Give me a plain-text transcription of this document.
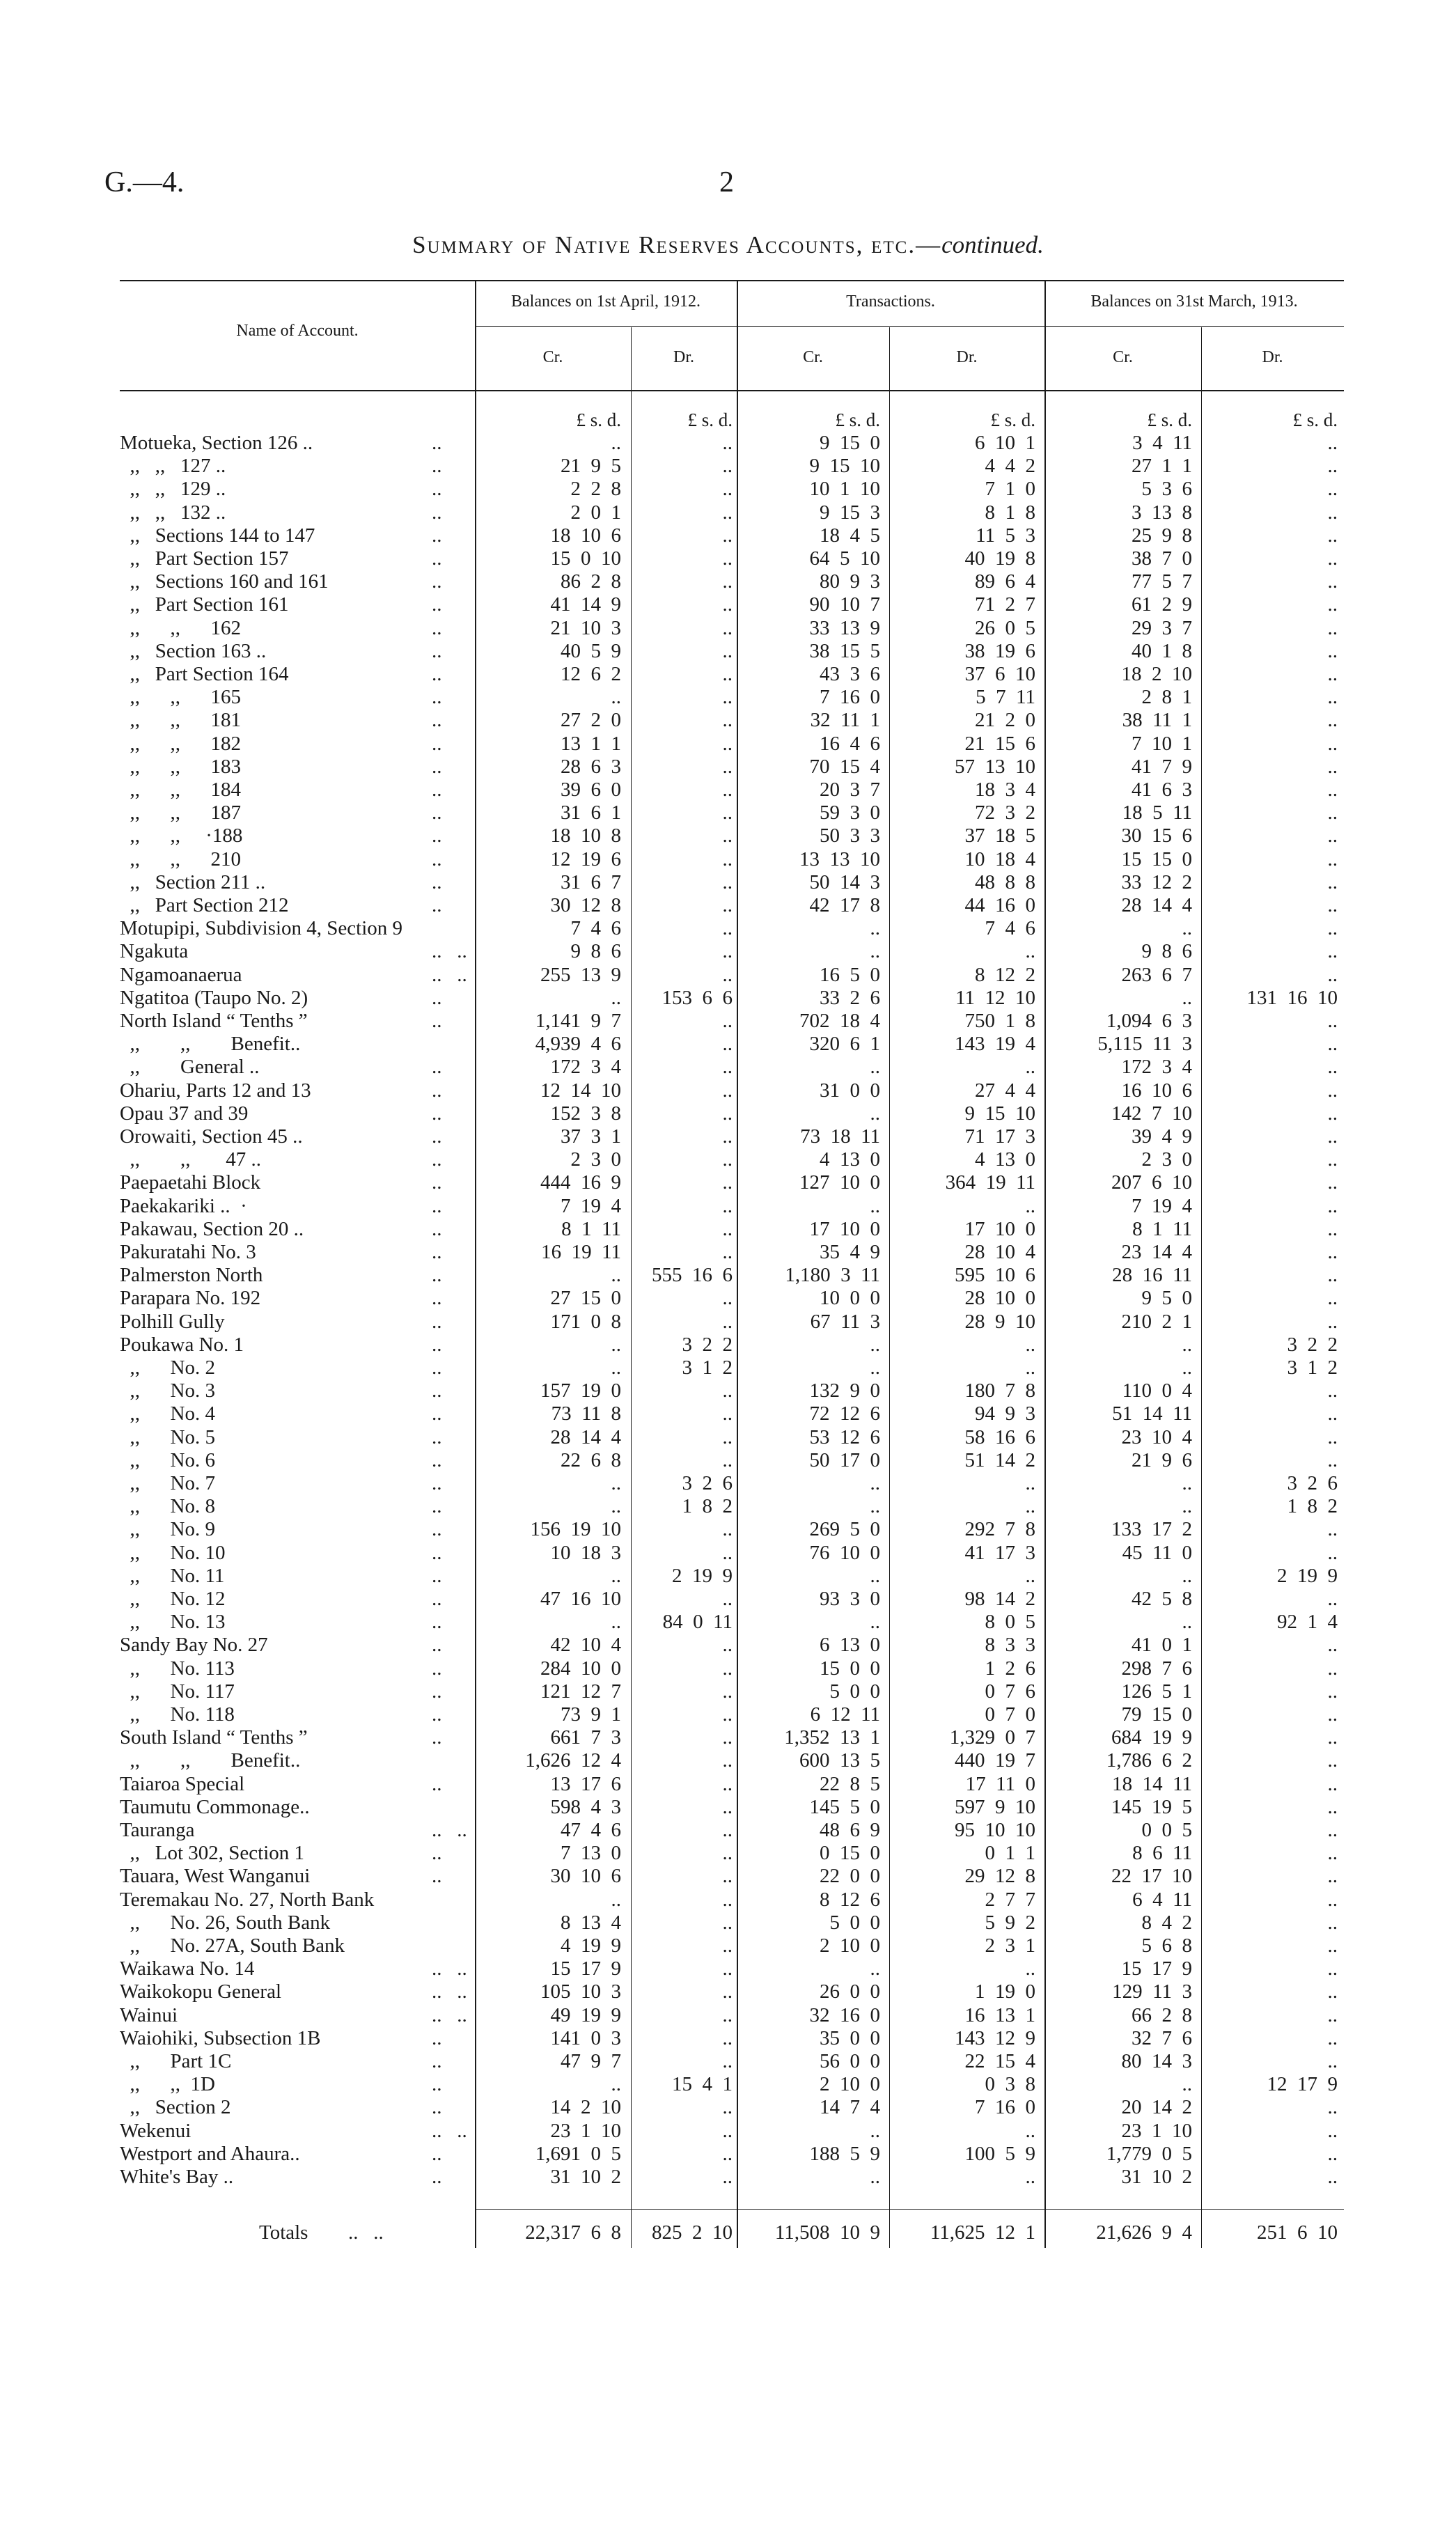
G.—4.	2
Summary of Native Reserves Accounts, etc.—continued.
Name of Account.
Balances on 1st April, 1912.	Transactions.	Balances on 31st March, 1913.
Cr.	Dr.	Cr.	Dr.	Cr.	Dr.
£ s. d.	£ s. d.	£ s. d.	£ s. d.	£ s. d.	£ s. d.
Motueka, Section 126 ..	..	..	..	9  15  0	6  10  1	3  4  11	..
,,   ,,   127 ..	..	21  9  5	..	9  15  10	4  4  2	27  1  1	..
,,   ,,   129 ..	..	2  2  8	..	10  1  10	7  1  0	5  3  6	..
,,   ,,   132 ..	..	2  0  1	..	9  15  3	8  1  8	3  13  8	..
,,   Sections 144 to 147	..	18  10  6	..	18  4  5	11  5  3	25  9  8	..
,,   Part Section 157	..	15  0  10	..	64  5  10	40  19  8	38  7  0	..
,,   Sections 160 and 161	..	86  2  8	..	80  9  3	89  6  4	77  5  7	..
,,   Part Section 161	..	41  14  9	..	90  10  7	71  2  7	61  2  9	..
,,      ,,      162	..	21  10  3	..	33  13  9	26  0  5	29  3  7	..
,,   Section 163 ..	..	40  5  9	..	38  15  5	38  19  6	40  1  8	..
,,   Part Section 164	..	12  6  2	..	43  3  6	37  6  10	18  2  10	..
,,      ,,      165	..	..	..	7  16  0	5  7  11	2  8  1	..
,,      ,,      181	..	27  2  0	..	32  11  1	21  2  0	38  11  1	..
,,      ,,      182	..	13  1  1	..	16  4  6	21  15  6	7  10  1	..
,,      ,,      183	..	28  6  3	..	70  15  4	57  13  10	41  7  9	..
,,      ,,      184	..	39  6  0	..	20  3  7	18  3  4	41  6  3	..
,,      ,,      187	..	31  6  1	..	59  3  0	72  3  2	18  5  11	..
,,      ,,     ·188	..	18  10  8	..	50  3  3	37  18  5	30  15  6	..
,,      ,,      210	..	12  19  6	..	13  13  10	10  18  4	15  15  0	..
,,   Section 211 ..	..	31  6  7	..	50  14  3	48  8  8	33  12  2	..
,,   Part Section 212	..	30  12  8	..	42  17  8	44  16  0	28  14  4	..
Motupipi, Subdivision 4, Section 9	7  4  6	..	..	7  4  6	..	..
Ngakuta	..   ..	9  8  6	..	..	..	9  8  6	..
Ngamoanaerua	..   ..	255  13  9	..	16  5  0	8  12  2	263  6  7	..
Ngatitoa (Taupo No. 2)	..	..	153  6  6	33  2  6	11  12  10	..	131  16  10
North Island “ Tenths ”	..	1,141  9  7	..	702  18  4	750  1  8	1,094  6  3	..
,,        ,,        Benefit..	4,939  4  6	..	320  6  1	143  19  4	5,115  11  3	..
,,        General ..	..	172  3  4	..	..	..	172  3  4	..
Ohariu, Parts 12 and 13	..	12  14  10	..	31  0  0	27  4  4	16  10  6	..
Opau 37 and 39	..	152  3  8	..	..	9  15  10	142  7  10	..
Orowaiti, Section 45 ..	..	37  3  1	..	73  18  11	71  17  3	39  4  9	..
,,        ,,       47 ..	..	2  3  0	..	4  13  0	4  13  0	2  3  0	..
Paepaetahi Block	..	444  16  9	..	127  10  0	364  19  11	207  6  10	..
Paekakariki ..  ·	..	7  19  4	..	..	..	7  19  4	..
Pakawau, Section 20 ..	..	8  1  11	..	17  10  0	17  10  0	8  1  11	..
Pakuratahi No. 3	..	16  19  11	..	35  4  9	28  10  4	23  14  4	..
Palmerston North	..	..	555  16  6	1,180  3  11	595  10  6	28  16  11	..
Parapara No. 192	..	27  15  0	..	10  0  0	28  10  0	9  5  0	..
Polhill Gully	..	171  0  8	..	67  11  3	28  9  10	210  2  1	..
Poukawa No. 1	..	..	3  2  2	..	..	..	3  2  2
,,      No. 2	..	..	3  1  2	..	..	..	3  1  2
,,      No. 3	..	157  19  0	..	132  9  0	180  7  8	110  0  4	..
,,      No. 4	..	73  11  8	..	72  12  6	94  9  3	51  14  11	..
,,      No. 5	..	28  14  4	..	53  12  6	58  16  6	23  10  4	..
,,      No. 6	..	22  6  8	..	50  17  0	51  14  2	21  9  6	..
,,      No. 7	..	..	3  2  6	..	..	..	3  2  6
,,      No. 8	..	..	1  8  2	..	..	..	1  8  2
,,      No. 9	..	156  19  10	..	269  5  0	292  7  8	133  17  2	..
,,      No. 10	..	10  18  3	..	76  10  0	41  17  3	45  11  0	..
,,      No. 11	..	..	2  19  9	..	..	..	2  19  9
,,      No. 12	..	47  16  10	..	93  3  0	98  14  2	42  5  8	..
,,      No. 13	..	..	84  0  11	..	8  0  5	..	92  1  4
Sandy Bay No. 27	..	42  10  4	..	6  13  0	8  3  3	41  0  1	..
,,      No. 113	..	284  10  0	..	15  0  0	1  2  6	298  7  6	..
,,      No. 117	..	121  12  7	..	5  0  0	0  7  6	126  5  1	..
,,      No. 118	..	73  9  1	..	6  12  11	0  7  0	79  15  0	..
South Island “ Tenths ”	..	661  7  3	..	1,352  13  1	1,329  0  7	684  19  9	..
,,        ,,        Benefit..	1,626  12  4	..	600  13  5	440  19  7	1,786  6  2	..
Taiaroa Special	..	13  17  6	..	22  8  5	17  11  0	18  14  11	..
Taumutu Commonage..	598  4  3	..	145  5  0	597  9  10	145  19  5	..
Tauranga	..   ..	47  4  6	..	48  6  9	95  10  10	0  0  5	..
,,   Lot 302, Section 1	..	7  13  0	..	0  15  0	0  1  1	8  6  11	..
Tauara, West Wanganui	..	30  10  6	..	22  0  0	29  12  8	22  17  10	..
Teremakau No. 27, North Bank	..	..	8  12  6	2  7  7	6  4  11	..
,,      No. 26, South Bank	8  13  4	..	5  0  0	5  9  2	8  4  2	..
,,      No. 27A, South Bank	4  19  9	..	2  10  0	2  3  1	5  6  8	..
Waikawa No. 14	..   ..	15  17  9	..	..	..	15  17  9	..
Waikokopu General	..   ..	105  10  3	..	26  0  0	1  19  0	129  11  3	..
Wainui	..   ..	49  19  9	..	32  16  0	16  13  1	66  2  8	..
Waiohiki, Subsection 1B	..	141  0  3	..	35  0  0	143  12  9	32  7  6	..
,,      Part 1C	..	47  9  7	..	56  0  0	22  15  4	80  14  3	..
,,      ,,  1D	..	..	15  4  1	2  10  0	0  3  8	..	12  17  9
,,   Section 2	..	14  2  10	..	14  7  4	7  16  0	20  14  2	..
Wekenui	..   ..	23  1  10	..	..	..	23  1  10	..
Westport and Ahaura..	..	1,691  0  5	..	188  5  9	100  5  9	1,779  0  5	..
White's Bay ..	..	31  10  2	..	..	..	31  10  2	..
Totals ..   ..	22,317  6  8	825  2  10	11,508  10  9	11,625  12  1	21,626  9  4	251  6  10
